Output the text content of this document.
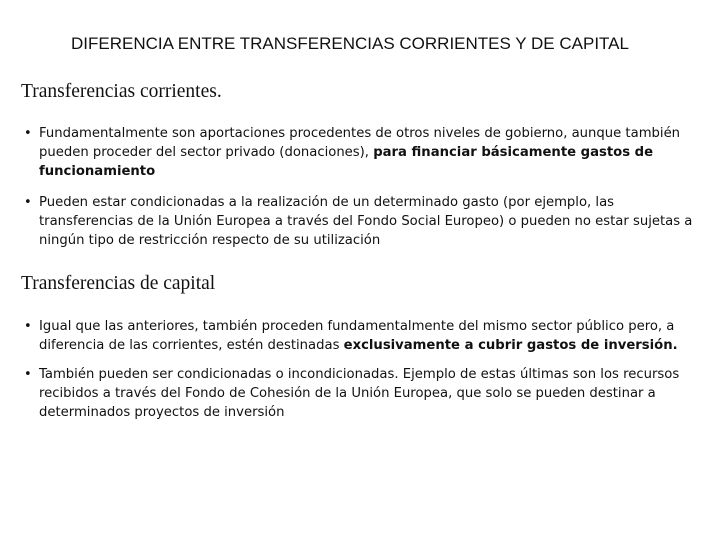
DIFERENCIA ENTRE TRANSFERENCIAS CORRIENTES Y DE CAPITAL
Transferencias corrientes.
• Fundamentalmente son aportaciones procedentes de otros niveles de gobierno, aunque también pueden proceder del sector privado (donaciones), para financiar básicamente gastos de funcionamiento
• Pueden estar condicionadas a la realización de un determinado gasto (por ejemplo, las transferencias de la Unión Europea a través del Fondo Social Europeo) o pueden no estar sujetas a ningún tipo de restricción respecto de su utilización
Transferencias de capital
• Igual que las anteriores, también proceden fundamentalmente del mismo sector público pero, a diferencia de las corrientes, estén destinadas exclusivamente a cubrir gastos de inversión.
• También pueden ser condicionadas o incondicionadas. Ejemplo de estas últimas son los recursos recibidos a través del Fondo de Cohesión de la Unión Europea, que solo se pueden destinar a determinados proyectos de inversión
